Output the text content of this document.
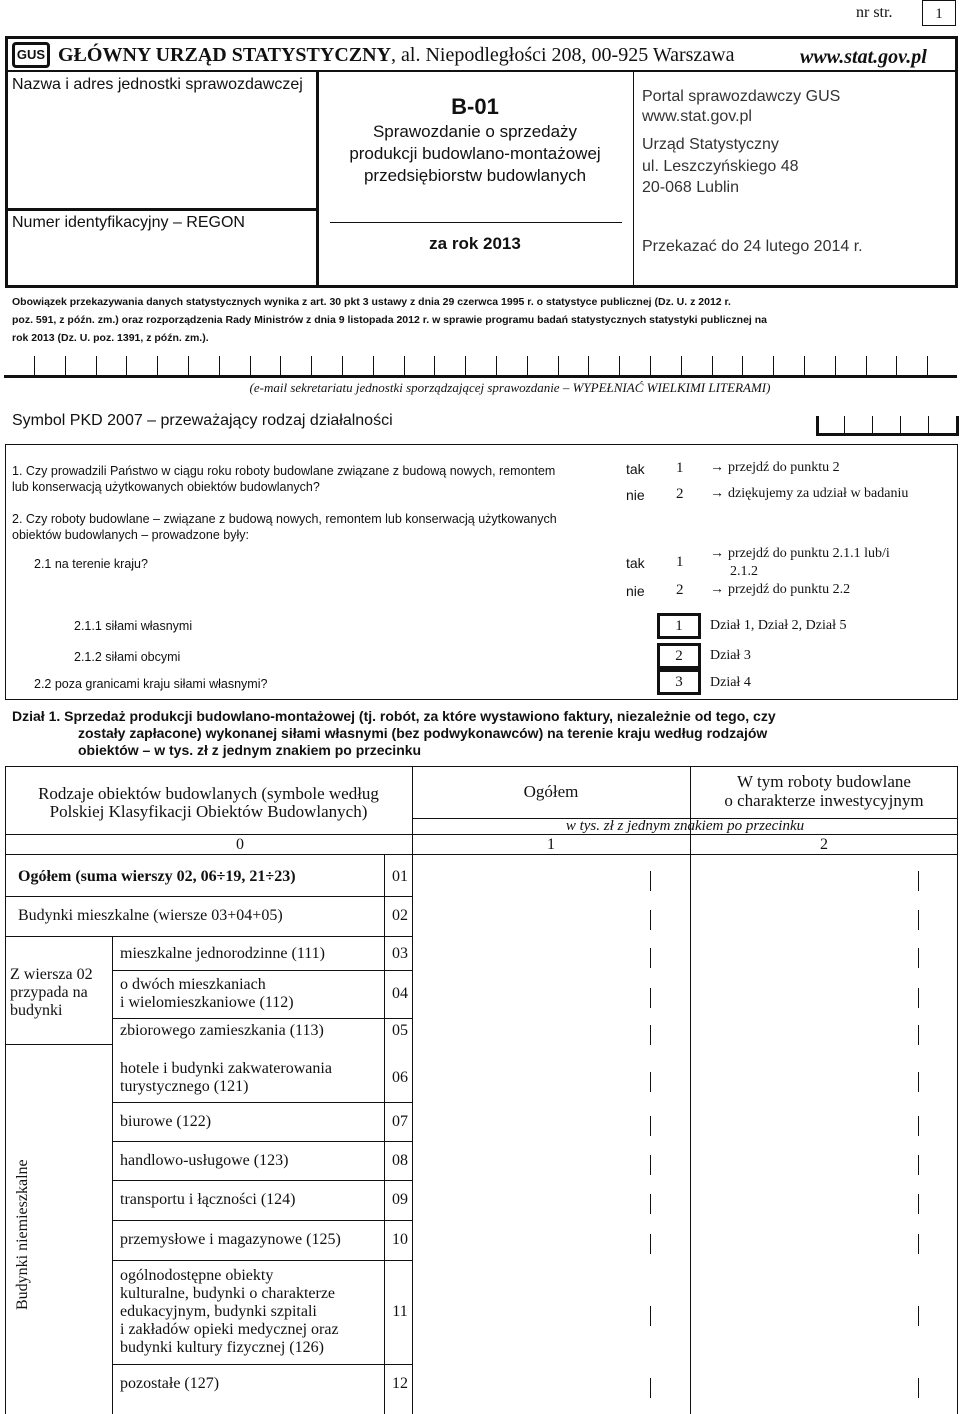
nr str.	1
GUS GŁÓWNY URZĄD STATYSTYCZNY, al. Niepodległości 208, 00-925 Warszawa	www.stat.gov.pl
Nazwa i adres jednostki sprawozdawczej
Numer identyfikacyjny – REGON
B-01
Sprawozdanie o sprzedaży
produkcji budowlano-montażowej
przedsiębiorstw budowlanych
za rok 2013
Portal sprawozdawczy GUS
www.stat.gov.pl
Urząd Statystyczny
ul. Leszczyńskiego 48
20-068 Lublin
Przekazać do 24 lutego 2014 r.
Obowiązek przekazywania danych statystycznych wynika z art. 30 pkt 3 ustawy z dnia 29 czerwca 1995 r. o statystyce publicznej (Dz. U. z 2012 r.
poz. 591, z późn. zm.) oraz rozporządzenia Rady Ministrów z dnia 9 listopada 2012 r. w sprawie programu badań statystycznych statystyki publicznej na
rok 2013 (Dz. U. poz. 1391, z późn. zm.).
(e-mail sekretariatu jednostki sporządzającej sprawozdanie – WYPEŁNIAĆ WIELKIMI LITERAMI)
Symbol PKD 2007 – przeważający rodzaj działalności
1. Czy prowadzili Państwo w ciągu roku roboty budowlane związane z budową nowych, remontem
lub konserwacją użytkowanych obiektów budowlanych?
tak 1 → przejdź do punktu 2
nie 2 → dziękujemy za udział w badaniu
2. Czy roboty budowlane – związane z budową nowych, remontem lub konserwacją użytkowanych
obiektów budowlanych – prowadzone były:
2.1 na terenie kraju?	tak 1
→ przejdź do punktu 2.1.1 lub/i
2.1.2
nie 2 → przejdź do punktu 2.2
2.1.1 siłami własnymi	1	Dział 1, Dział 2, Dział 5
2.1.2 siłami obcymi	2	Dział 3
2.2 poza granicami kraju siłami własnymi?	3	Dział 4
Dział 1. Sprzedaż produkcji budowlano-montażowej (tj. robót, za które wystawiono faktury, niezależnie od tego, czy
zostały zapłacone) wykonanej siłami własnymi (bez podwykonawców) na terenie kraju według rodzajów
obiektów – w tys. zł z jednym znakiem po przecinku
Rodzaje obiektów budowlanych (symbole według
Polskiej Klasyfikacji Obiektów Budowlanych)
Ogółem
W tym roboty budowlane
o charakterze inwestycyjnym
w tys. zł z jednym znakiem po przecinku
0	1	2
Z wiersza 02 przypada na budynki
Budynki niemieszkalne
Ogółem (suma wierszy 02, 06÷19, 21÷23)	01
Budynki mieszkalne (wiersze 03+04+05)	02
mieszkalne jednorodzinne (111)	03
o dwóch mieszkaniach
i wielomieszkaniowe (112)
04
zbiorowego zamieszkania (113)	05
hotele i budynki zakwaterowania
turystycznego (121)
06
biurowe (122)	07
handlowo-usługowe (123)	08
transportu i łączności (124)	09
przemysłowe i magazynowe (125)	10
ogólnodostępne obiekty
kulturalne, budynki o charakterze
edukacyjnym, budynki szpitali
i zakładów opieki medycznej oraz
budynki kultury fizycznej (126)
11
pozostałe (127)	12
